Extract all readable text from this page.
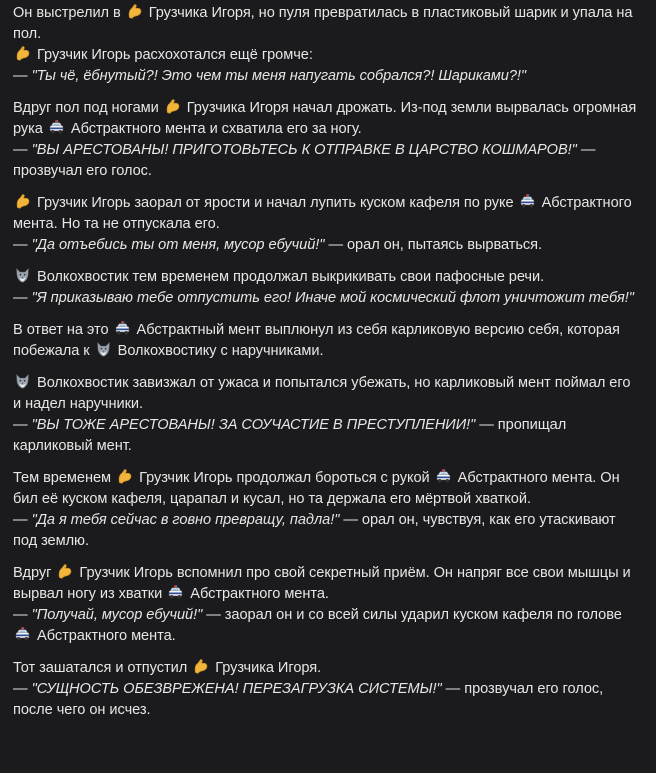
Он выстрелил в
Грузчика Игоря, но пуля превратилась в пластиковый шарик и упала на пол.

Грузчик Игорь расхохотался ещё громче:
— "Ты чё, ёбнутый?! Это чем ты меня напугать собрался?! Шариками?!"
Вдруг пол под ногами
Грузчика Игоря начал дрожать. Из-под земли вырвалась огромная рука
Абстрактного мента и схватила его за ногу.
— "ВЫ АРЕСТОВАНЫ! ПРИГОТОВЬТЕСЬ К ОТПРАВКЕ В ЦАРСТВО КОШМАРОВ!" — прозвучал его голос.
Грузчик Игорь заорал от ярости и начал лупить куском кафеля по руке
Абстрактного мента. Но та не отпускала его.
— "Да отъебись ты от меня, мусор ебучий!" — орал он, пытаясь вырваться.
Волкохвостик тем временем продолжал выкрикивать свои пафосные речи.
— "Я приказываю тебе отпустить его! Иначе мой космический флот уничтожит тебя!"
В ответ на это
Абстрактный мент выплюнул из себя карликовую версию себя, которая побежала к
Волкохвостику с наручниками.
Волкохвостик завизжал от ужаса и попытался убежать, но карликовый мент поймал его и надел наручники.
— "ВЫ ТОЖЕ АРЕСТОВАНЫ! ЗА СОУЧАСТИЕ В ПРЕСТУПЛЕНИИ!" — пропищал карликовый мент.
Тем временем
Грузчик Игорь продолжал бороться с рукой
Абстрактного мента. Он бил её куском кафеля, царапал и кусал, но та держала его мёртвой хваткой.
— "Да я тебя сейчас в говно превращу, падла!" — орал он, чувствуя, как его утаскивают под землю.
Вдруг
Грузчик Игорь вспомнил про свой секретный приём. Он напряг все свои мышцы и вырвал ногу из хватки
Абстрактного мента.
— "Получай, мусор ебучий!" — заорал он и со всей силы ударил куском кафеля по голове
Абстрактного мента.
Тот зашатался и отпустил
Грузчика Игоря.
— "СУЩНОСТЬ ОБЕЗВРЕЖЕНА! ПЕРЕЗАГРУЗКА СИСТЕМЫ!" — прозвучал его голос, после чего он исчез.
